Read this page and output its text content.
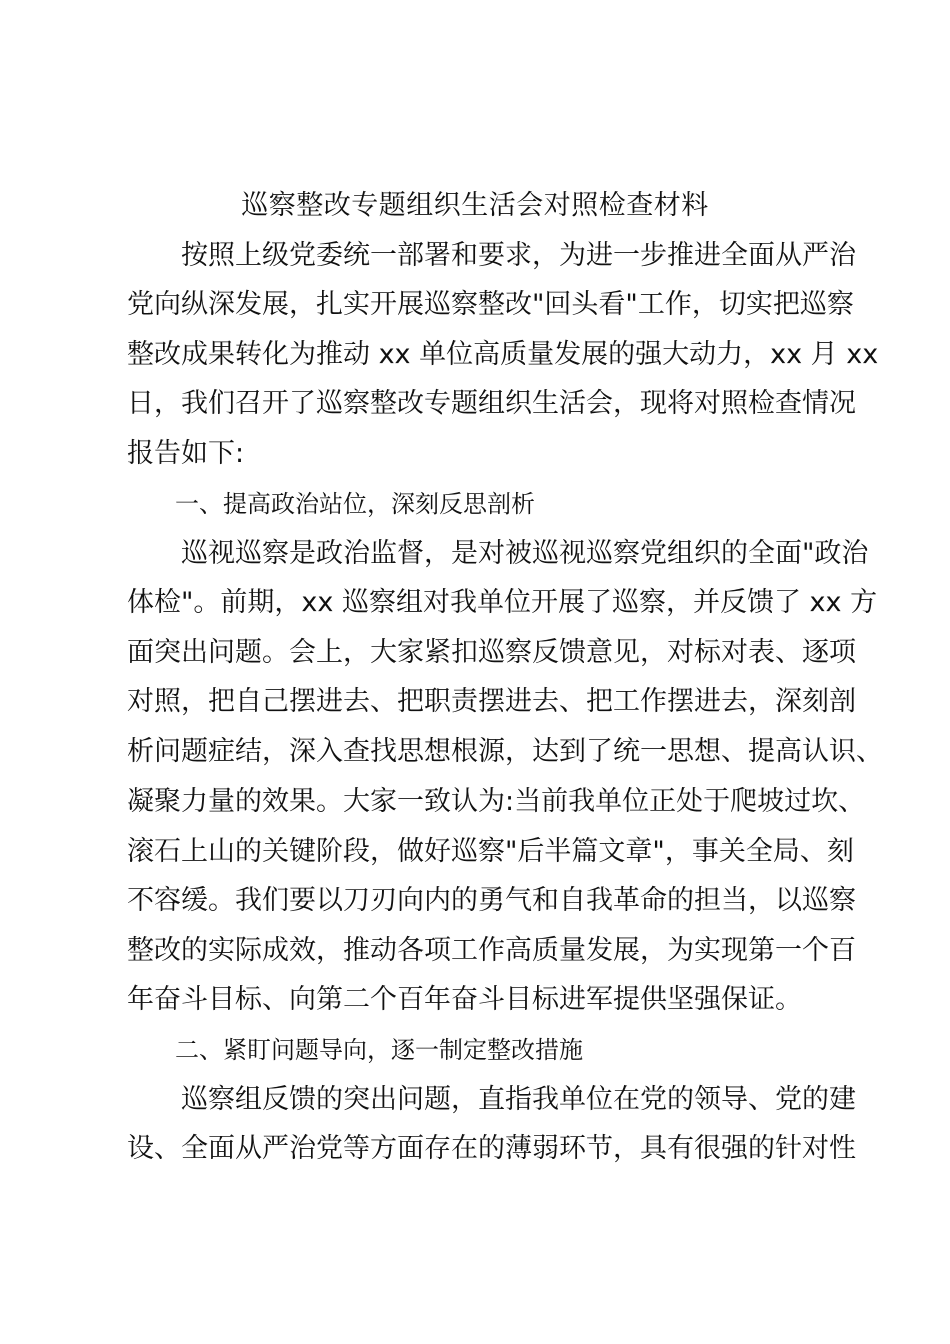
巡察整改专题组织生活会对照检查材料

　　按照上级党委统一部署和要求，为进一步推进全面从严治

党向纵深发展，扎实开展巡察整改"回头看"工作，切实把巡察

整改成果转化为推动 xx 单位高质量发展的强大动力，xx 月 xx

日，我们召开了巡察整改专题组织生活会，现将对照检查情况

报告如下:

　　一、提高政治站位，深刻反思剖析

　　巡视巡察是政治监督，是对被巡视巡察党组织的全面"政治

体检"。前期，xx 巡察组对我单位开展了巡察，并反馈了 xx 方

面突出问题。会上，大家紧扣巡察反馈意见，对标对表、逐项

对照，把自己摆进去、把职责摆进去、把工作摆进去，深刻剖

析问题症结，深入查找思想根源，达到了统一思想、提高认识、

凝聚力量的效果。大家一致认为:当前我单位正处于爬坡过坎、

滚石上山的关键阶段，做好巡察"后半篇文章"，事关全局、刻

不容缓。我们要以刀刃向内的勇气和自我革命的担当，以巡察

整改的实际成效，推动各项工作高质量发展，为实现第一个百

年奋斗目标、向第二个百年奋斗目标进军提供坚强保证。

　　二、紧盯问题导向，逐一制定整改措施

　　巡察组反馈的突出问题，直指我单位在党的领导、党的建

设、全面从严治党等方面存在的薄弱环节，具有很强的针对性
